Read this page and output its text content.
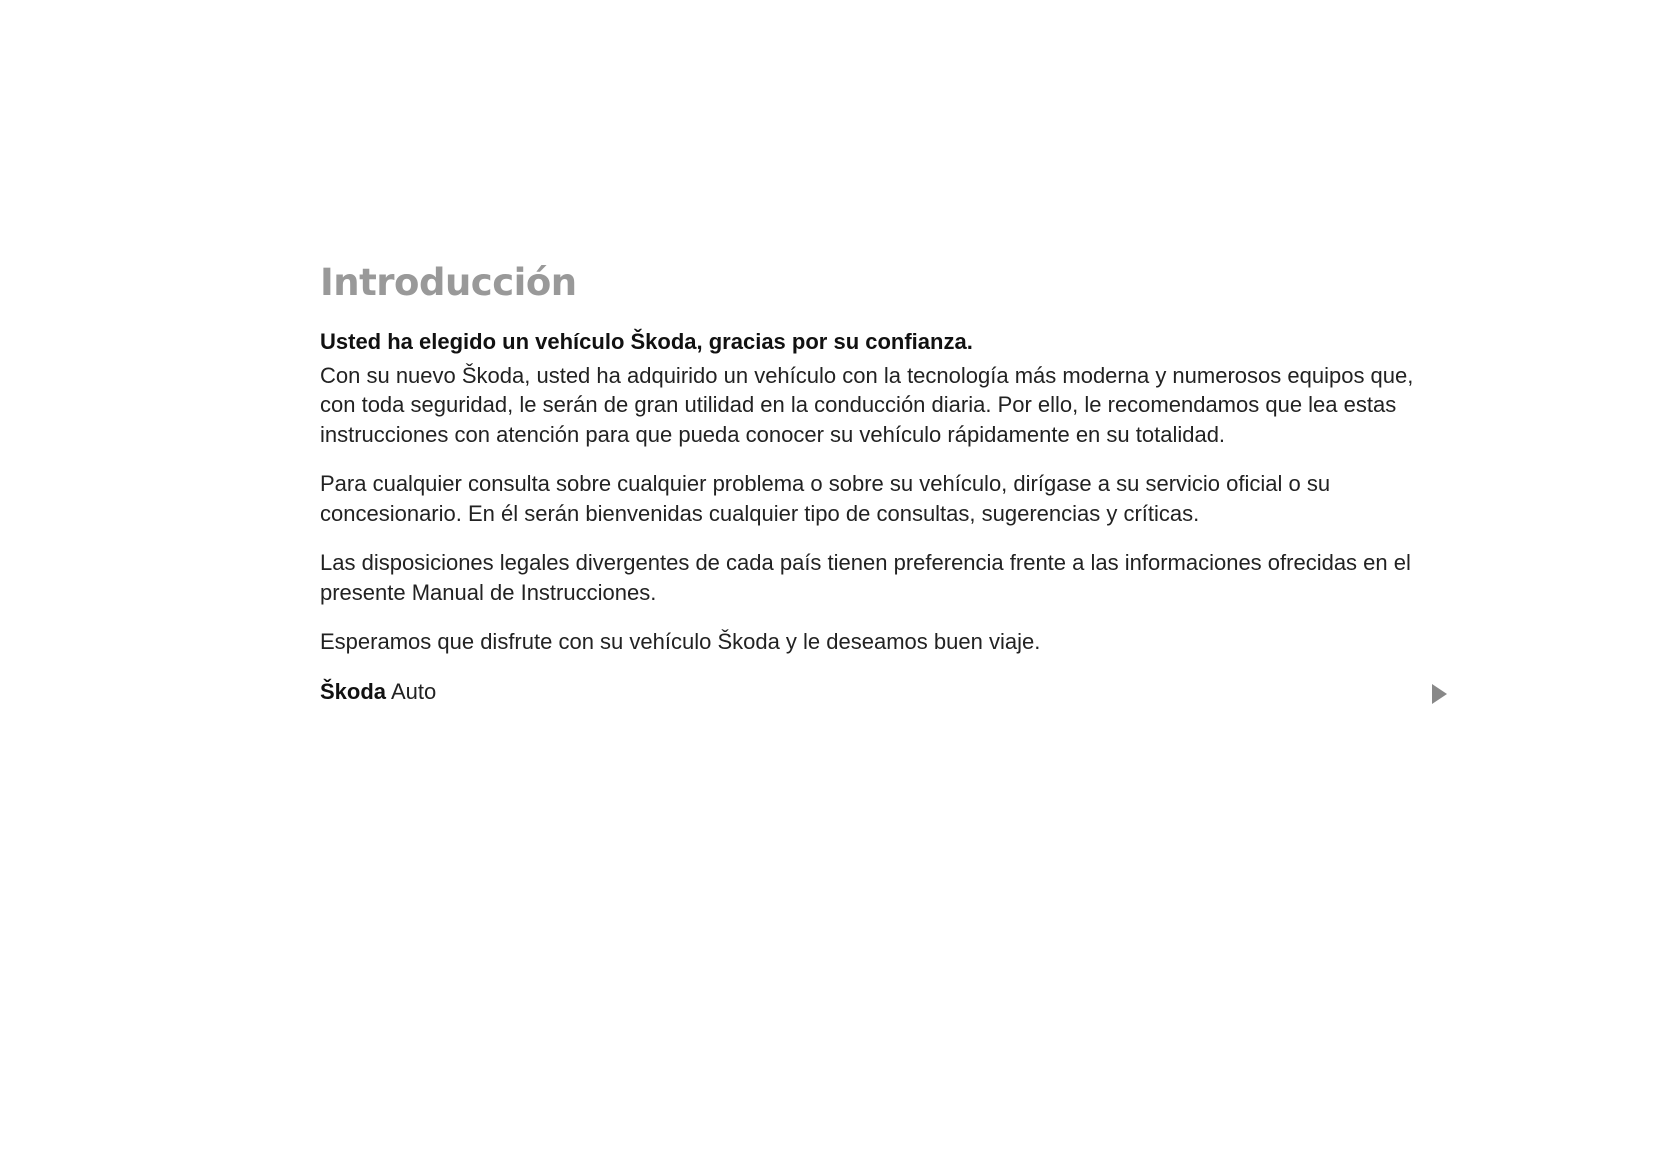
Introducción

Usted ha elegido un vehículo Škoda, gracias por su confianza.

Con su nuevo Škoda, usted ha adquirido un vehículo con la tecnología más moderna y numerosos equipos que, con toda seguridad, le serán de gran utilidad en la conducción diaria. Por ello, le recomendamos que lea estas instrucciones con atención para que pueda conocer su vehículo rápidamente en su totalidad.

Para cualquier consulta sobre cualquier problema o sobre su vehículo, dirígase a su servicio oficial o su concesionario. En él serán bienvenidas cualquier tipo de consultas, sugerencias y críticas.

Las disposiciones legales divergentes de cada país tienen preferencia frente a las informaciones ofrecidas en el presente Manual de Instrucciones.

Esperamos que disfrute con su vehículo Škoda y le deseamos buen viaje.

Škoda Auto
